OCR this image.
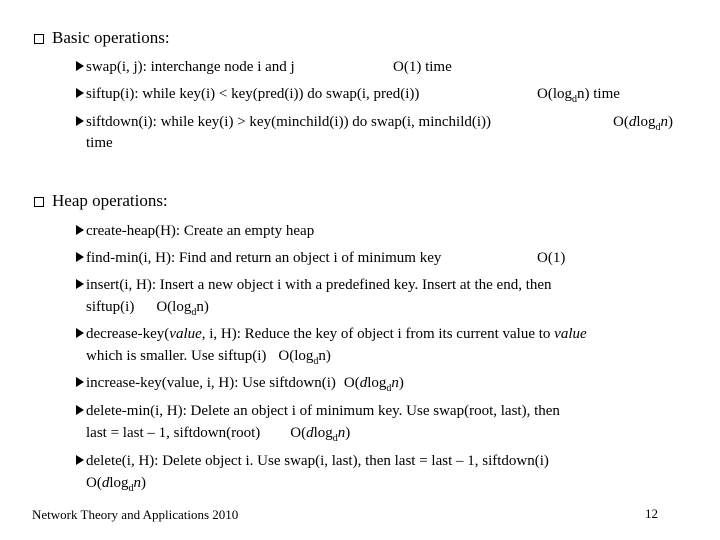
Basic operations:
swap(i, j): interchange node i and j	O(1) time
siftup(i): while key(i) < key(pred(i)) do swap(i, pred(i))	$O(\log_dn)$ time
siftdown(i): while key(i) > key(minchild(i)) do swap(i, minchild(i))	O(dlog$_d$n)
time
Heap operations:
create-heap(H): Create an empty heap
find-min(i, H): Find and return an object i of minimum key	O(1)
insert(i, H): Insert a new object i with a predefined key. Insert at the end, then
siftup(i) $O(\log_dn)$
decrease-key(value, i, H): Reduce the key of object i from its current value to value
which is smaller. Use siftup(i) $O(\log_dn)$
increase-key(value, i, H): Use siftdown(i) O(dlog$_d$n)
delete-min(i, H): Delete an object i of minimum key. Use swap(root, last), then
last = last – 1, siftdown(root) O(dlog$_d$n)
delete(i, H): Delete object i. Use swap(i, last), then last = last – 1, siftdown(i)
O(dlog$_d$n)
Network Theory and Applications 2010	12
